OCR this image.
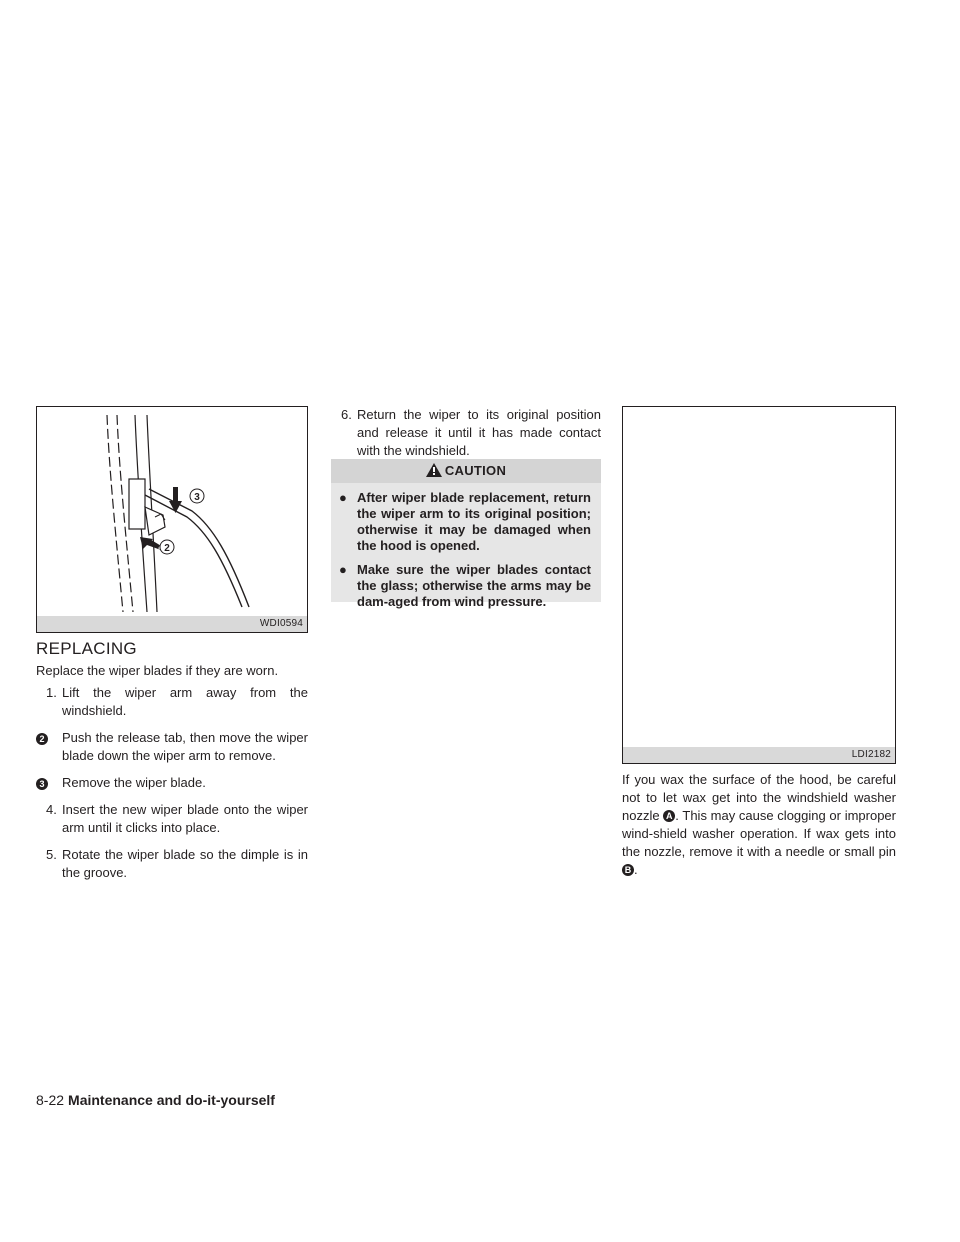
3
2
WDI0594
LDI2182
REPLACING

Replace the wiper blades if they are worn.

1. Lift the wiper arm away from the windshield.

2 Push the release tab, then move the wiper blade down the wiper arm to remove.

3 Remove the wiper blade.

4. Insert the new wiper blade onto the wiper arm until it clicks into place.

5. Rotate the wiper blade so the dimple is in the groove.

6. Return the wiper to its original position and release it until it has made contact with the windshield.

CAUTION

● After wiper blade replacement, return the wiper arm to its original position; otherwise it may be damaged when the hood is opened.

● Make sure the wiper blades contact the glass; otherwise the arms may be dam-aged from wind pressure.

If you wax the surface of the hood, be careful not to let wax get into the windshield washer nozzle A . This may cause clogging or improper wind-shield washer operation. If wax gets into the nozzle, remove it with a needle or small pin B .

8-22 Maintenance and do-it-yourself
